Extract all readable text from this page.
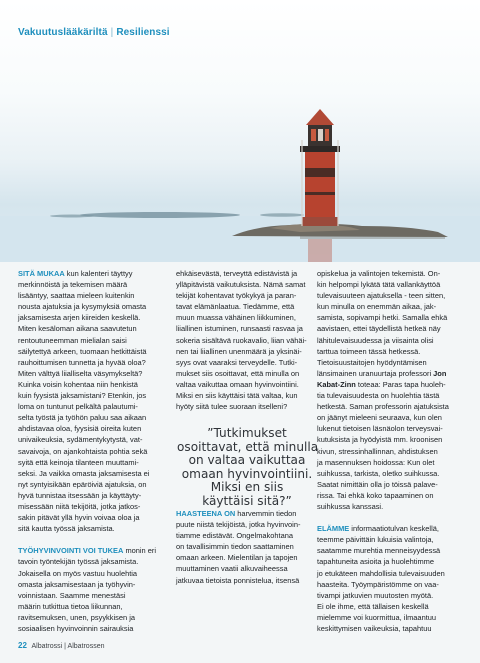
Vakuutuslääkäriltä | Resilienssi
SITÄ MUKAA kun kalenteri täyttyy
merkinnöistä ja tekemisen määrä
lisääntyy, saattaa mieleen kuitenkin
nousta ajatuksia ja kysymyksiä omasta
jaksamisesta arjen kiireiden keskellä.
Miten kesäloman aikana saavutetun
rentoutuneemman mielialan saisi
säilytettyä arkeen, tuomaan hetkittäistä
rauhoittumisen tunnetta ja hyvää oloa?
Miten välttyä liialliselta väsymykseltä?
Kuinka voisin kohentaa niin henkistä
kuin fyysistä jaksamistani? Etenkin, jos
loma on tuntunut pelkältä palautumi-
selta työstä ja työhön paluu saa aikaan
ahdistavaa oloa, fyysisiä oireita kuten
univaikeuksia, sydämentykytystä, vat-
savaivoja, on ajankohtaista pohtia sekä
syitä että keinoja tilanteen muuttami-
seksi. Ja vaikka omasta jaksamisesta ei
nyt syntyisikään epäröiviä ajatuksia, on
hyvä tunnistaa itsessään ja käyttäyty-
misessään niitä tekijöitä, jotka jatkos-
sakin pitävät yllä hyvin voivaa oloa ja
sitä kautta työssä jaksamista.

TYÖHYVINVOINTI VOI TUKEA monin eri
tavoin työntekijän työssä jaksamista.
Jokaisella on myös vastuu huolehtia
omasta jaksamisestaan ja työhyvin-
voinnistaan. Saamme menestäsi
määrin tutkittua tietoa liikunnan,
ravitsemuksen, unen, psyykkisen ja
sosiaalisen hyvinvoinnin sairauksia
ehkäisevästä, terveyttä edistävistä ja
ylläpitävistä vaikutuksista. Nämä samat
tekijät kohentavat työkykyä ja paran-
tavat elämänlaatua. Tiedämme, että
muun muassa vähäinen liikkuminen,
liiallinen istuminen, runsaasti rasvaa ja
sokeria sisältävä ruokavalio, liian vähäi-
nen tai liiallinen unenmäärä ja yksinäi-
syys ovat vaaraksi terveydelle. Tutki-
mukset siis osoittavat, että minulla on
valtaa vaikuttaa omaan hyvinvointiini.
Miksi en siis käyttäisi tätä valtaa, kun
hyöty siitä tulee suoraan itselleni?
HAASTEENA ON harvemmin tiedon
puute niistä tekijöistä, jotka hyvinvoin-
tiamme edistävät. Ongelmakohtana
on tavallisimmin tiedon saattaminen
omaan arkeen. Mielentilan ja tapojen
muuttaminen vaatii alkuvaiheessa
jatkuvaa tietoista ponnistelua, itsensä
opiskelua ja valintojen tekemistä. On-
kin helpompi lykätä tätä vallankäyttöä
tulevaisuuteen ajatuksella - teen sitten,
kun minulla on enemmän aikaa, jak-
samista, sopivampi hetki. Samalla ehkä
aavistaen, ettei täydellistä hetkeä näy
lähitulevaisuudessa ja viisainta olisi
tarttua toimeen tässä hetkessä.
Tietoisuustaitojen hyödyntämisen
länsimainen uranuurtaja professori Jon
Kabat-Zinn toteaa: Paras tapa huoleh-
tia tulevaisuudesta on huolehtia tästä
hetkestä. Saman professorin ajatuksista
on jäänyt mieleeni seuraava, kun olen
lukenut tietoisen läsnäolon terveysvai-
kutuksista ja hyödyistä mm. kroonisen
kivun, stressinhallinnan, ahdistuksen
ja masennuksen hoidossa: Kun olet
suihkussa, tarkista, oletko suihkussa.
Saatat nimittäin olla jo töissä palave-
rissa. Tai ehkä koko tapaaminen on
suihkussa kanssasi.

ELÄMME informaatiotulvan keskellä,
teemme päivittäin lukuisia valintoja,
saatamme murehtia menneisyydessä
tapahtuneita asioita ja huolehtimme
jo etukäteen mahdollisia tulevaisuuden
haasteita. Työympäristömme on vaa-
tivampi jatkuvien muutosten myötä.
Ei ole ihme, että tällaisen keskellä
mielemme voi kuormittua, ilmaantuu
keskittymisen vaikeuksia, tapahtuu
”Tutkimukset
osoittavat, että minulla
on valtaa vaikuttaa
omaan hyvinvointiini.
Miksi en siis
käyttäisi sitä?”
22 Albatrossi | Albatrossen
